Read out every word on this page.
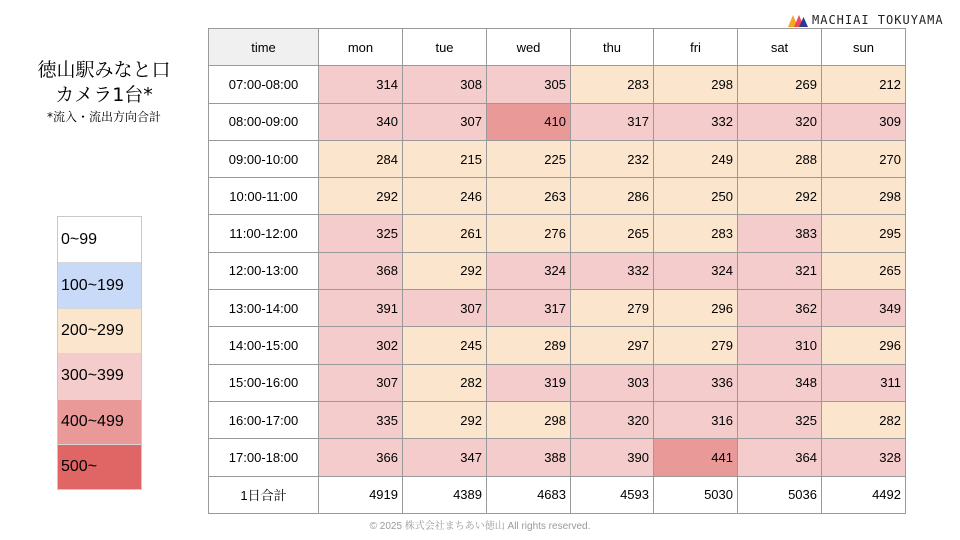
MACHIAI TOKUYAMA
徳山駅みなと口
カメラ1台*
*流入・流出方向合計
0~99
100~199
200~299
300~399
400~499
500~
time	mon	tue	wed	thu	fri	sat	sun
07:00-08:00	314	308	305	283	298	269	212
08:00-09:00	340	307	410	317	332	320	309
09:00-10:00	284	215	225	232	249	288	270
10:00-11:00	292	246	263	286	250	292	298
11:00-12:00	325	261	276	265	283	383	295
12:00-13:00	368	292	324	332	324	321	265
13:00-14:00	391	307	317	279	296	362	349
14:00-15:00	302	245	289	297	279	310	296
15:00-16:00	307	282	319	303	336	348	311
16:00-17:00	335	292	298	320	316	325	282
17:00-18:00	366	347	388	390	441	364	328
1日合計	4919	4389	4683	4593	5030	5036	4492
© 2025 株式会社まちあい徳山 All rights reserved.
